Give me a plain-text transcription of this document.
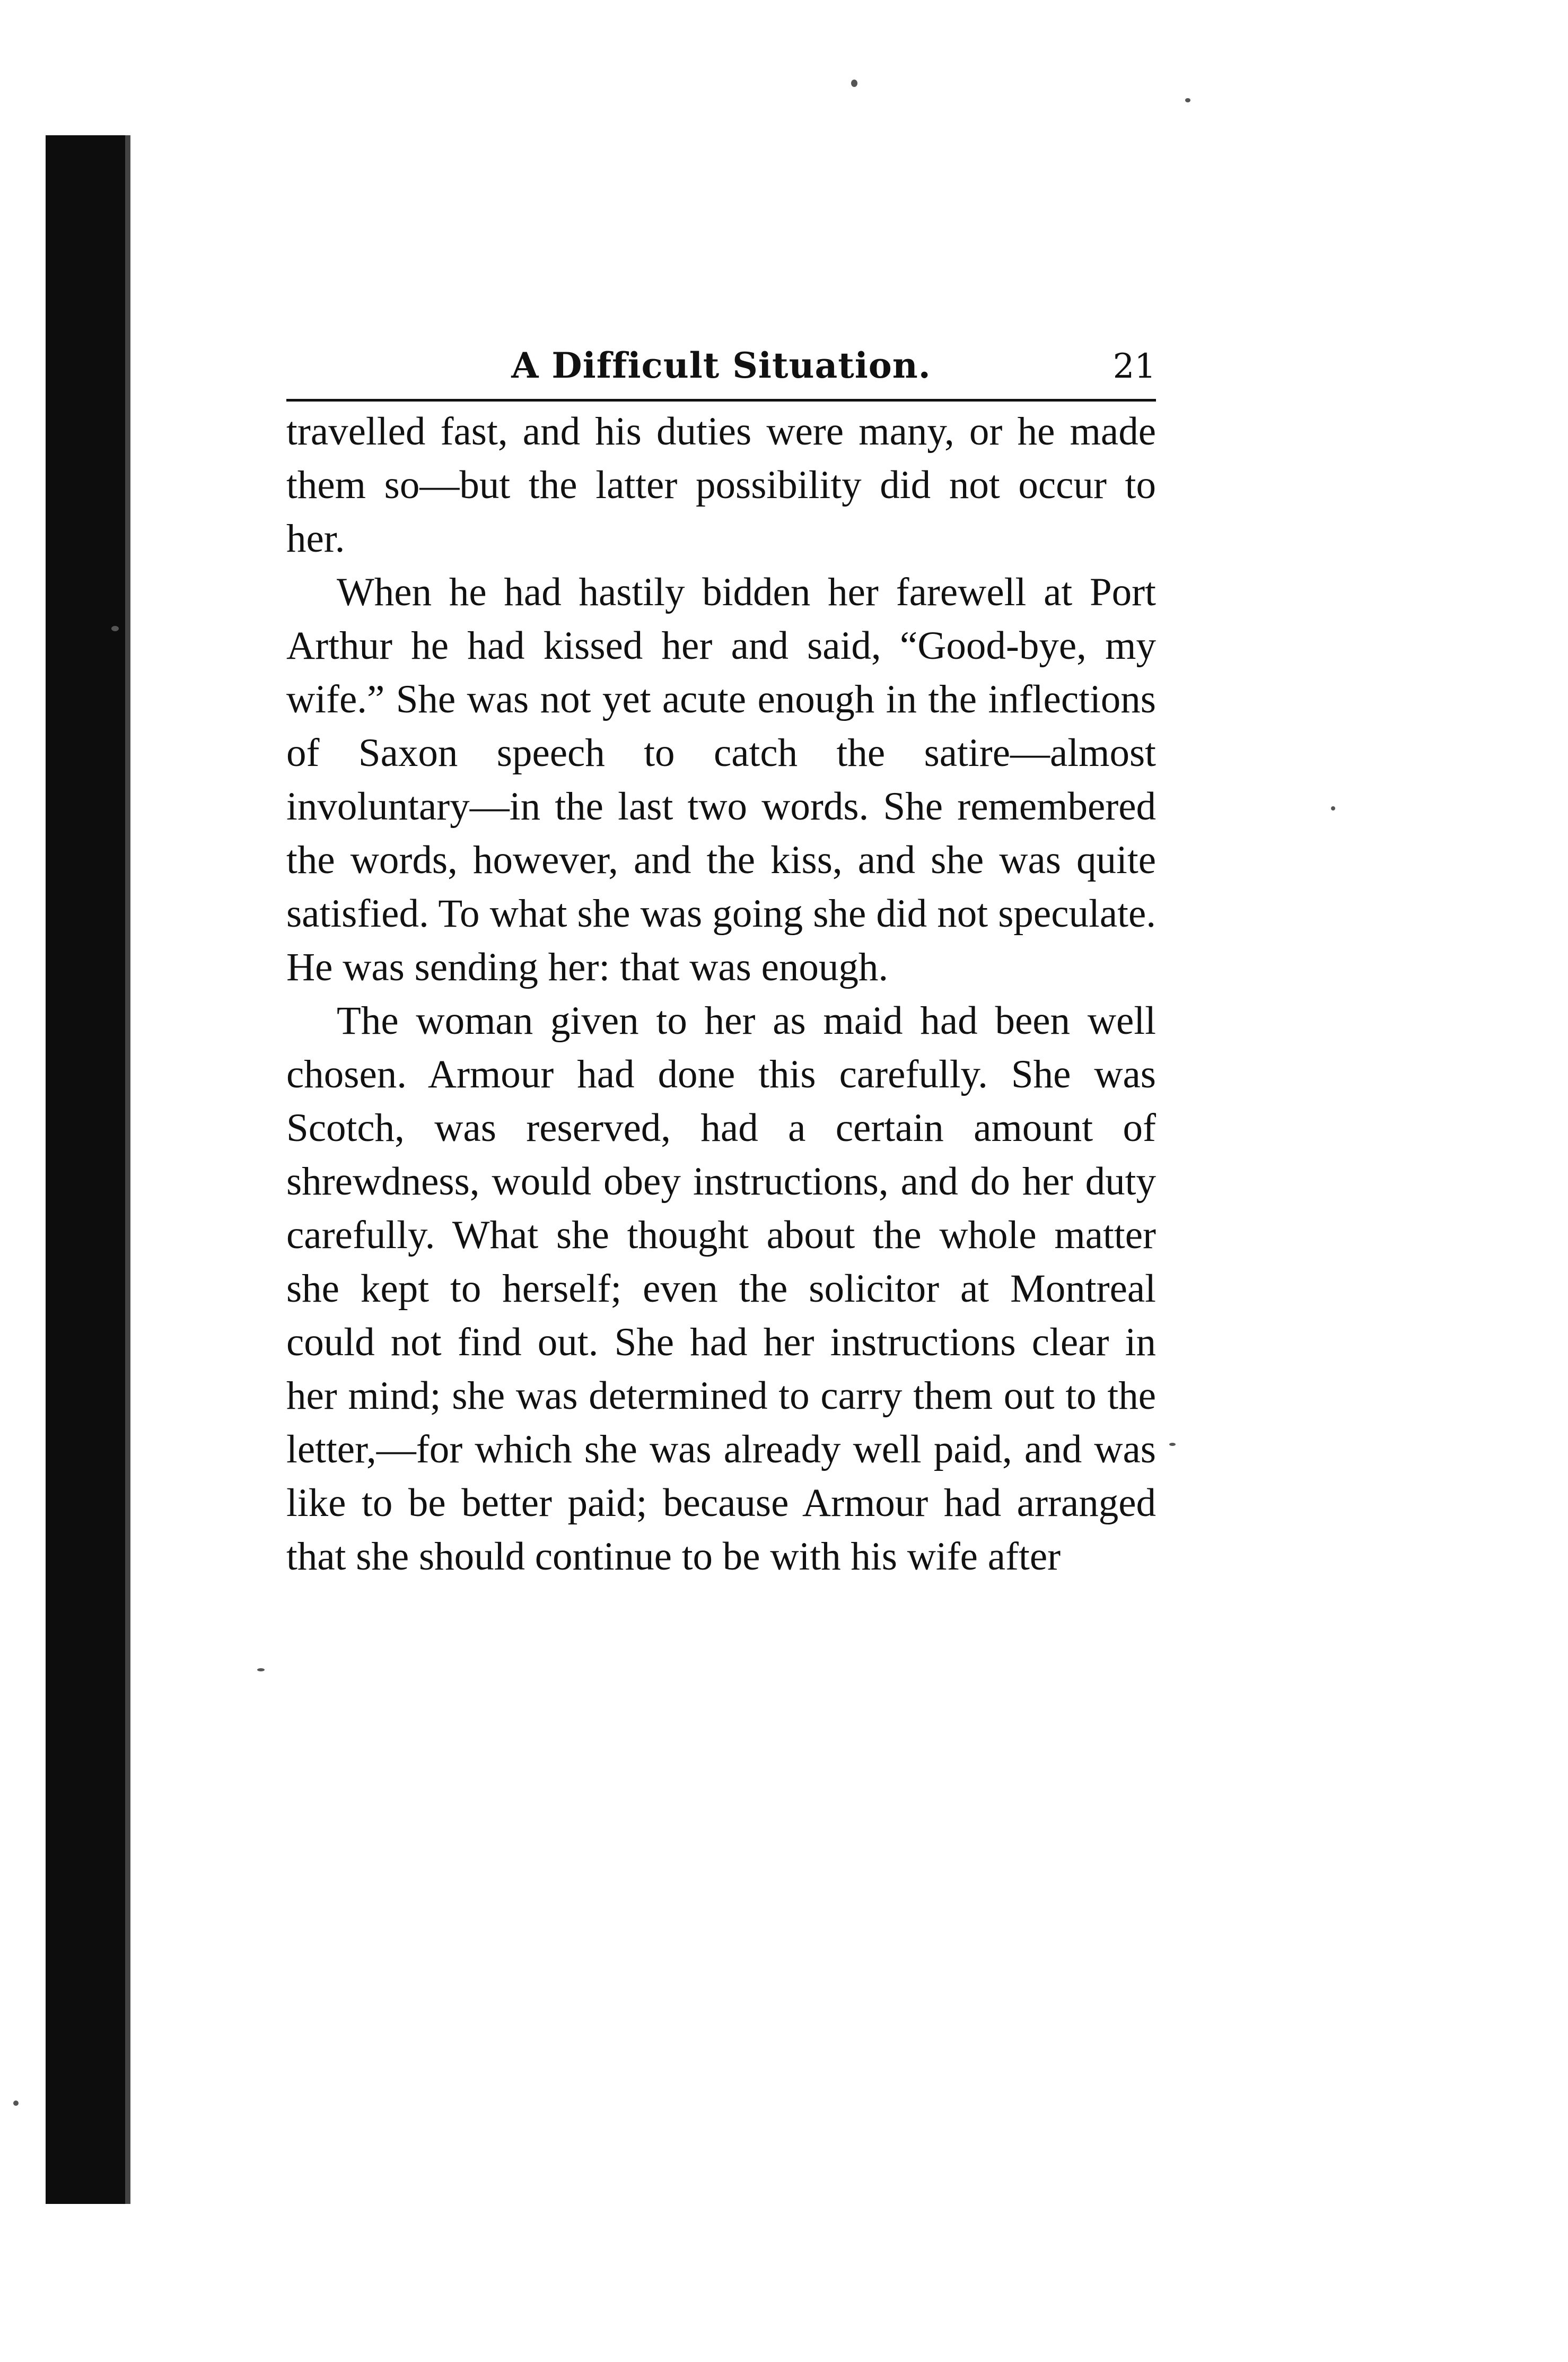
A Difficult Situation.	21

travelled fast, and his duties were many, or he made them so—but the latter possibility did not occur to her.

When he had hastily bidden her farewell at Port Arthur he had kissed her and said, “Good-bye, my wife.” She was not yet acute enough in the inflections of Saxon speech to catch the satire—almost involuntary—in the last two words. She remembered the words, however, and the kiss, and she was quite satisfied. To what she was going she did not speculate. He was sending her: that was enough.

The woman given to her as maid had been well chosen. Armour had done this carefully. She was Scotch, was reserved, had a certain amount of shrewdness, would obey instructions, and do her duty carefully. What she thought about the whole matter she kept to herself; even the solicitor at Montreal could not find out. She had her instructions clear in her mind; she was determined to carry them out to the letter,—for which she was already well paid, and was like to be better paid; because Armour had arranged that she should continue to be with his wife after
